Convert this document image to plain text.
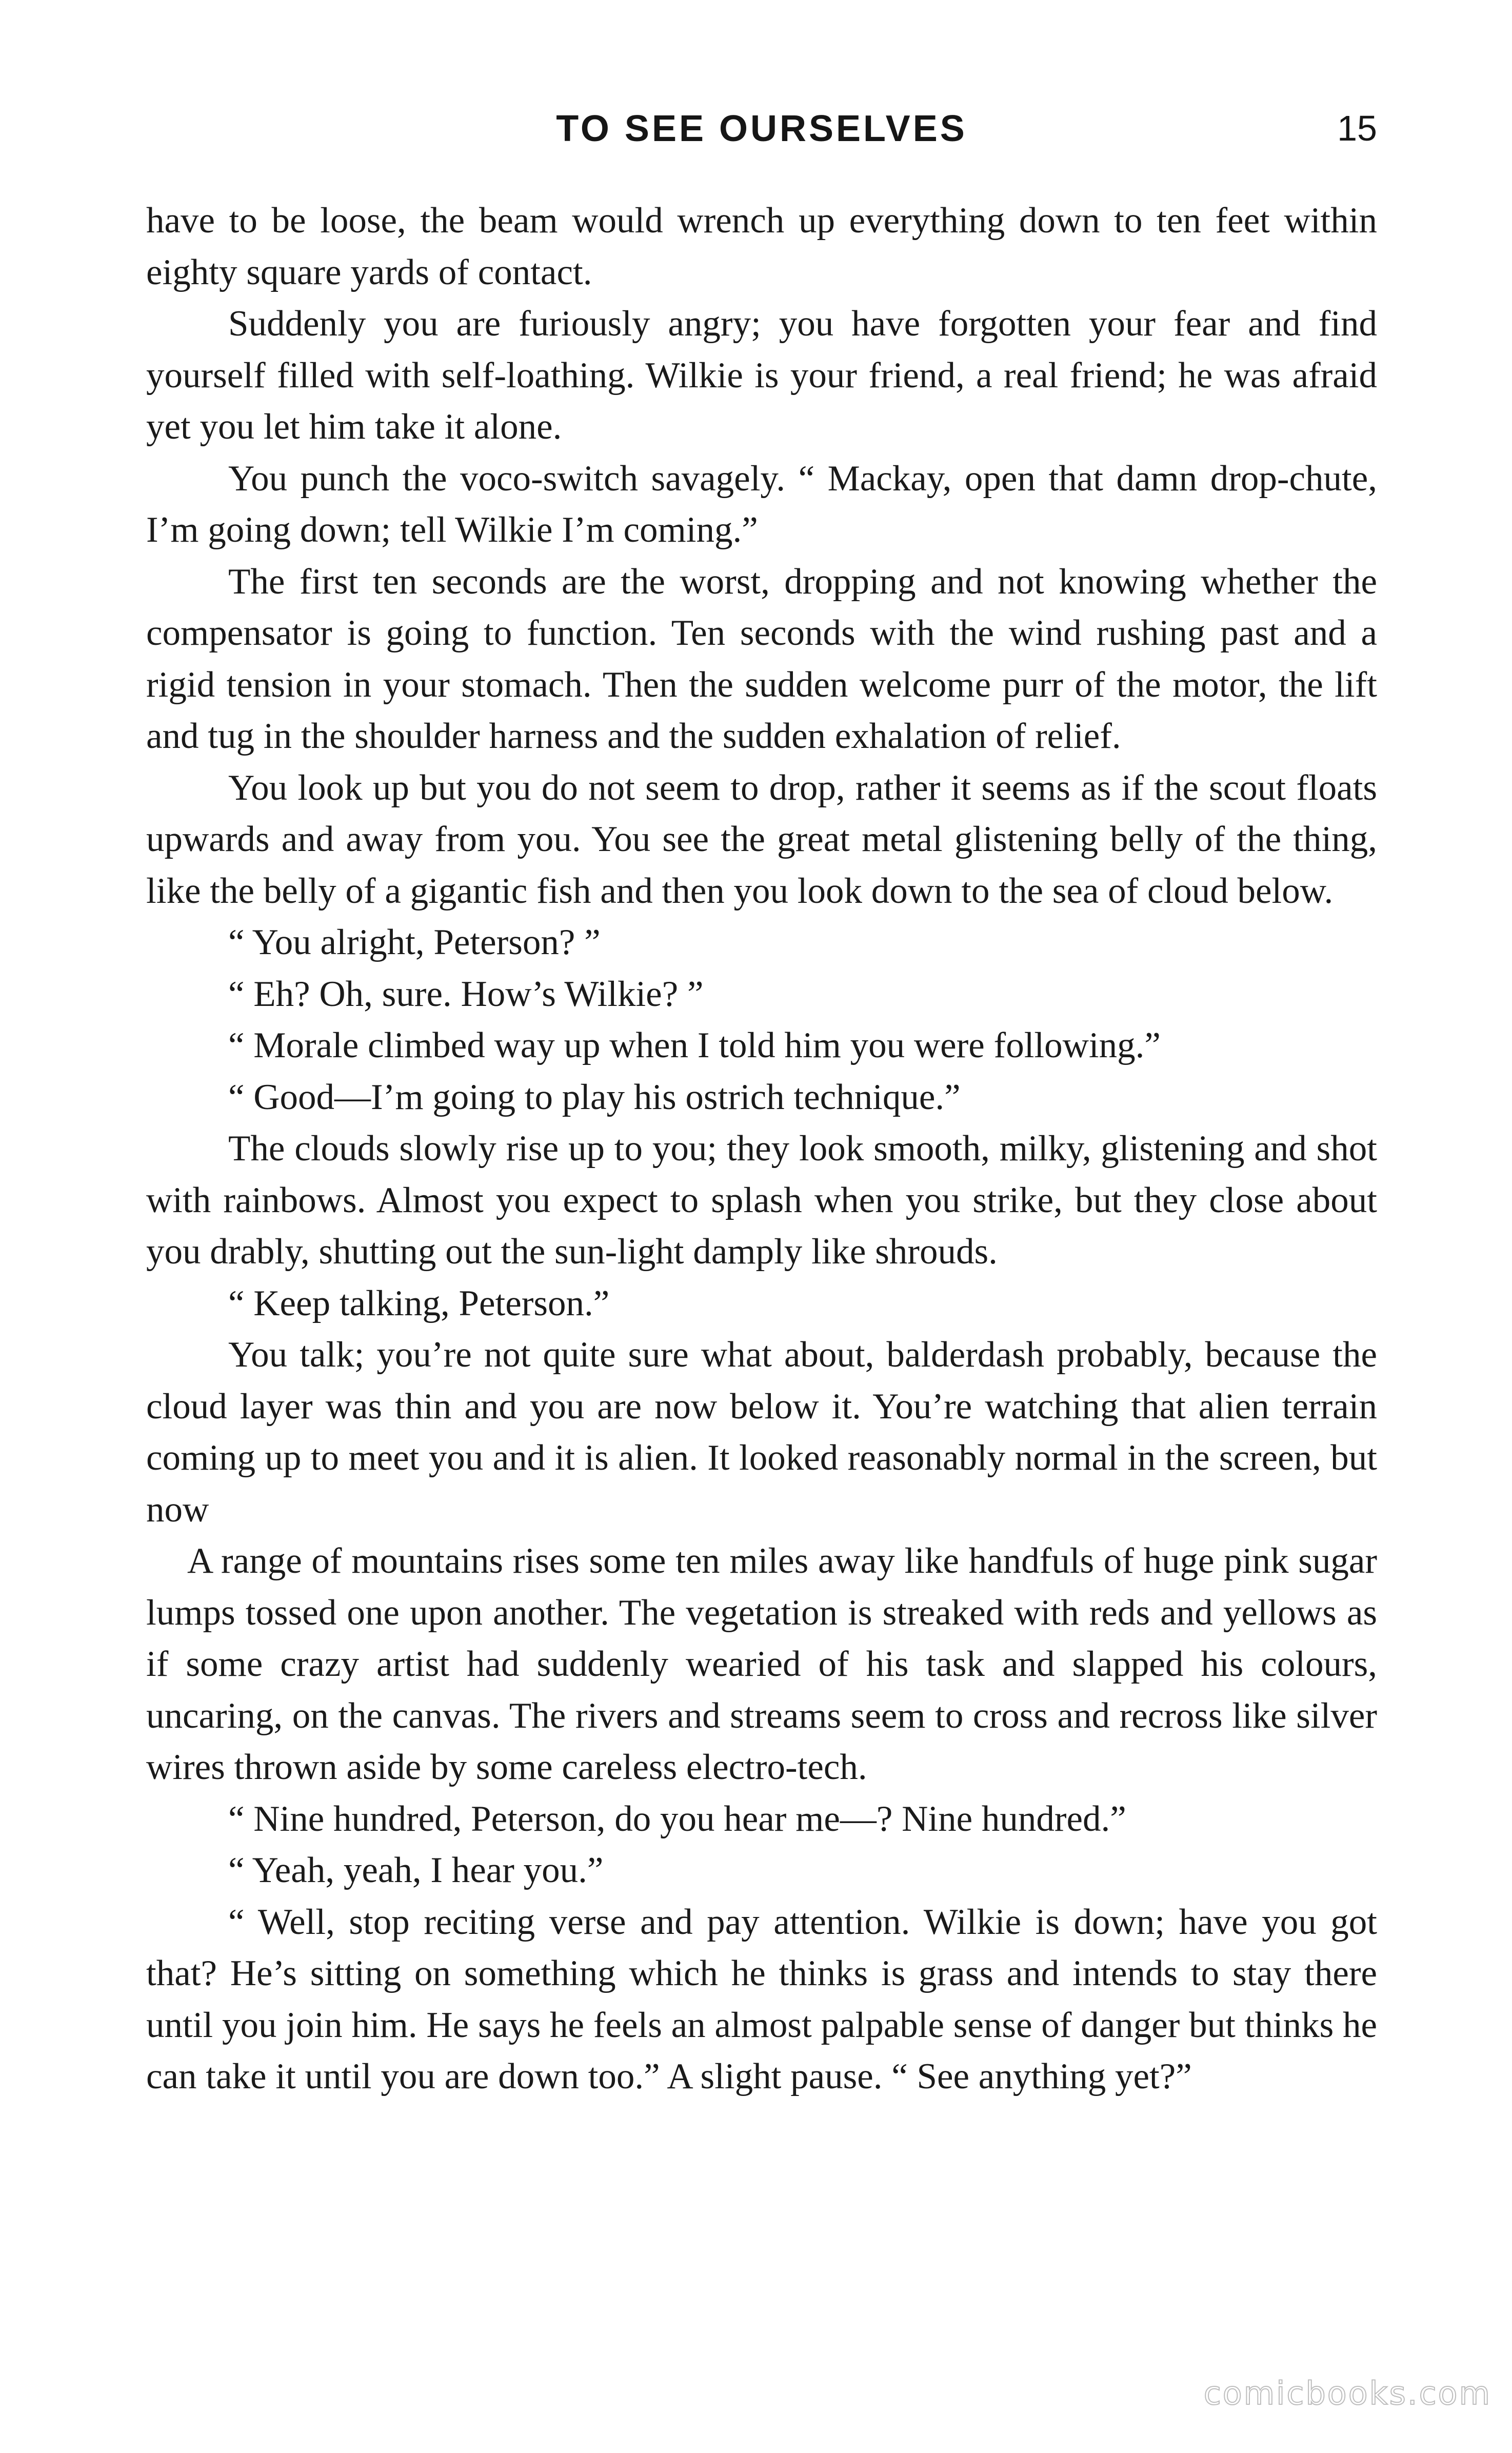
TO SEE OURSELVES	15

have to be loose, the beam would wrench up everything down to ten feet within eighty square yards of contact.

Suddenly you are furiously angry; you have forgotten your fear and find yourself filled with self-loathing. Wilkie is your friend, a real friend; he was afraid yet you let him take it alone.

You punch the voco-switch savagely. “ Mackay, open that damn drop-chute, I’m going down; tell Wilkie I’m coming.”

The first ten seconds are the worst, dropping and not knowing whether the compensator is going to function. Ten seconds with the wind rushing past and a rigid tension in your stomach. Then the sudden welcome purr of the motor, the lift and tug in the shoulder harness and the sudden exhalation of relief.

You look up but you do not seem to drop, rather it seems as if the scout floats upwards and away from you. You see the great metal glistening belly of the thing, like the belly of a gigantic fish and then you look down to the sea of cloud below.

“ You alright, Peterson? ”

“ Eh? Oh, sure. How’s Wilkie? ”

“ Morale climbed way up when I told him you were following.”

“ Good—I’m going to play his ostrich technique.”

The clouds slowly rise up to you; they look smooth, milky, glistening and shot with rainbows. Almost you expect to splash when you strike, but they close about you drably, shutting out the sun-light damply like shrouds.

“ Keep talking, Peterson.”

You talk; you’re not quite sure what about, balderdash probably, because the cloud layer was thin and you are now below it. You’re watching that alien terrain coming up to meet you and it is alien. It looked reasonably normal in the screen, but now

A range of mountains rises some ten miles away like handfuls of huge pink sugar lumps tossed one upon another. The vegetation is streaked with reds and yellows as if some crazy artist had suddenly wearied of his task and slapped his colours, uncaring, on the canvas. The rivers and streams seem to cross and recross like silver wires thrown aside by some careless electro-tech.

“ Nine hundred, Peterson, do you hear me—? Nine hundred.”

“ Yeah, yeah, I hear you.”

“ Well, stop reciting verse and pay attention. Wilkie is down; have you got that? He’s sitting on something which he thinks is grass and intends to stay there until you join him. He says he feels an almost palpable sense of danger but thinks he can take it until you are down too.” A slight pause. “ See anything yet?”

comicbooks.com
